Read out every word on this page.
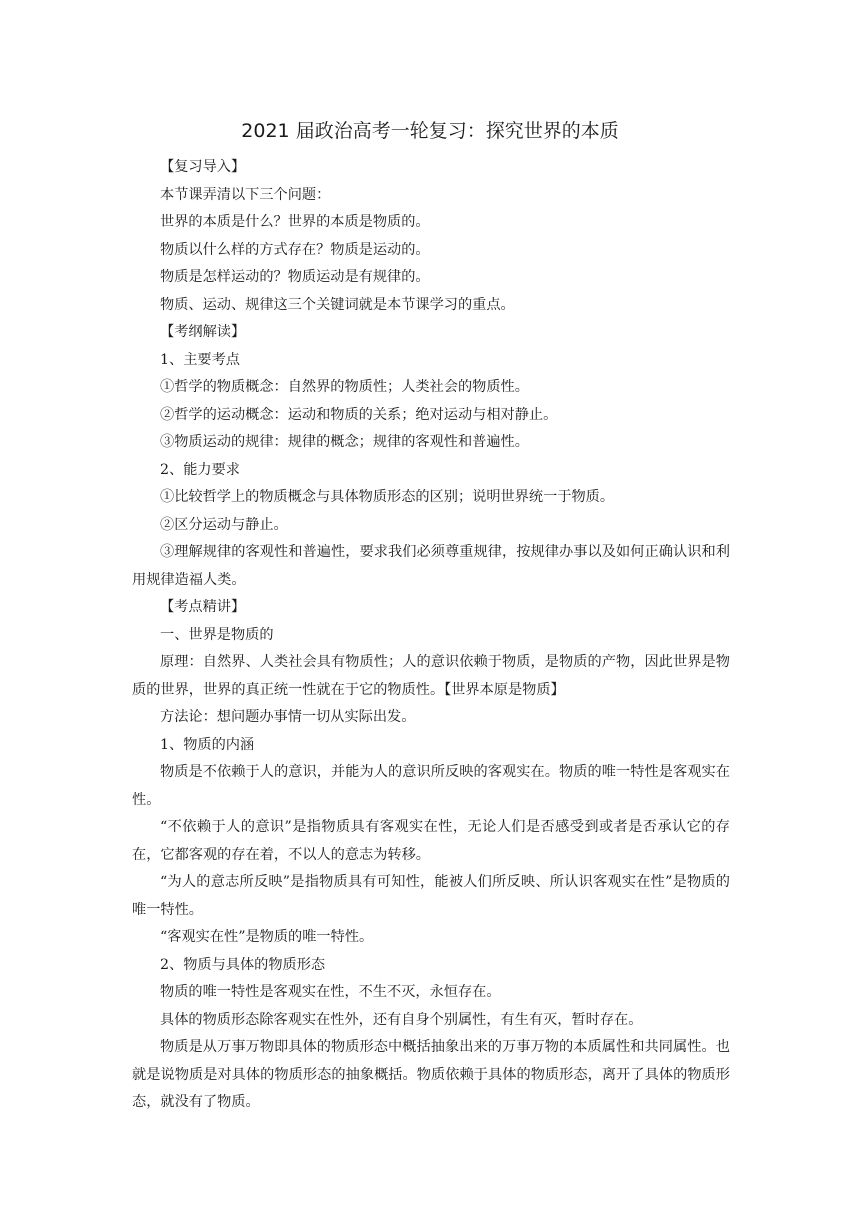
2021 届政治高考一轮复习：探究世界的本质

【复习导入】

本节课弄清以下三个问题：

世界的本质是什么？世界的本质是物质的。

物质以什么样的方式存在？物质是运动的。

物质是怎样运动的？物质运动是有规律的。

物质、运动、规律这三个关键词就是本节课学习的重点。

【考纲解读】

1、主要考点

①哲学的物质概念：自然界的物质性；人类社会的物质性。

②哲学的运动概念：运动和物质的关系；绝对运动与相对静止。

③物质运动的规律：规律的概念；规律的客观性和普遍性。

2、能力要求

①比较哲学上的物质概念与具体物质形态的区别；说明世界统一于物质。

②区分运动与静止。

③理解规律的客观性和普遍性，要求我们必须尊重规律，按规律办事以及如何正确认识和利用规律造福人类。

【考点精讲】

一、世界是物质的

原理：自然界、人类社会具有物质性；人的意识依赖于物质，是物质的产物，因此世界是物质的世界，世界的真正统一性就在于它的物质性。【世界本原是物质】

方法论：想问题办事情一切从实际出发。

1、物质的内涵

物质是不依赖于人的意识，并能为人的意识所反映的客观实在。物质的唯一特性是客观实在性。

“不依赖于人的意识”是指物质具有客观实在性，无论人们是否感受到或者是否承认它的存在，它都客观的存在着，不以人的意志为转移。

“为人的意志所反映”是指物质具有可知性，能被人们所反映、所认识客观实在性”是物质的唯一特性。

“客观实在性”是物质的唯一特性。

2、物质与具体的物质形态

物质的唯一特性是客观实在性，不生不灭，永恒存在。

具体的物质形态除客观实在性外，还有自身个别属性，有生有灭，暂时存在。

物质是从万事万物即具体的物质形态中概括抽象出来的万事万物的本质属性和共同属性。也就是说物质是对具体的物质形态的抽象概括。物质依赖于具体的物质形态，离开了具体的物质形态，就没有了物质。
